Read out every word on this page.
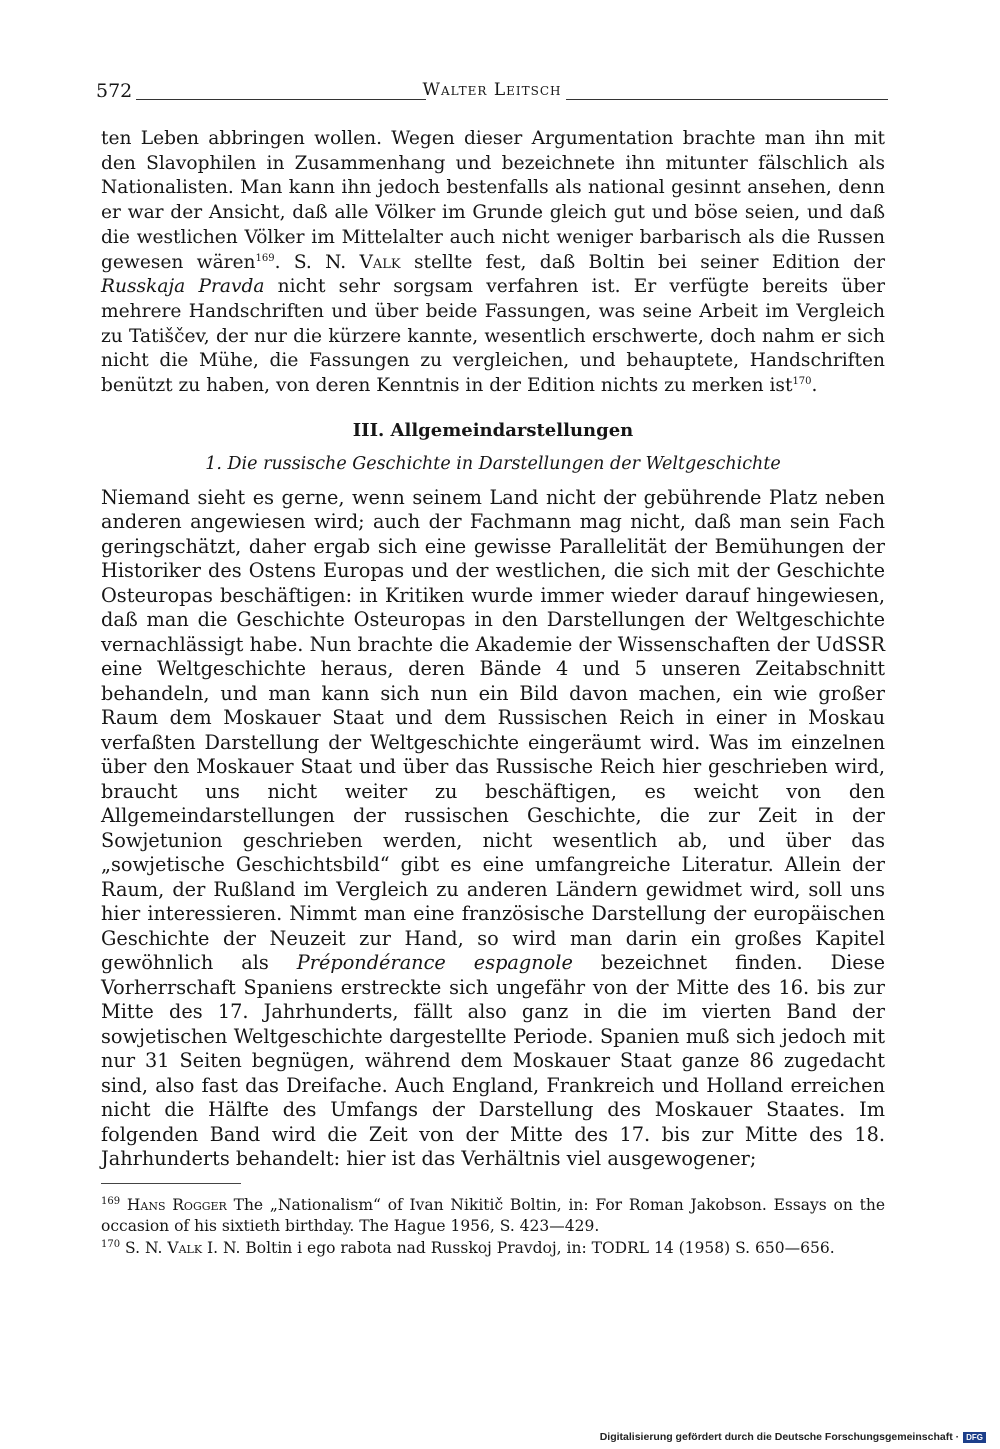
572	Walter Leitsch

ten Leben abbringen wollen. Wegen dieser Argumentation brachte man ihn mit den Slavophilen in Zusammenhang und bezeichnete ihn mitunter fälschlich als Nationalisten. Man kann ihn jedoch bestenfalls als national gesinnt ansehen, denn er war der Ansicht, daß alle Völker im Grunde gleich gut und böse seien, und daß die westlichen Völker im Mittelalter auch nicht weniger barbarisch als die Russen gewesen wären$^{169}$. S. N. Valk stellte fest, daß Boltin bei seiner Edition der Russkaja Pravda nicht sehr sorgsam verfahren ist. Er verfügte bereits über mehrere Handschriften und über beide Fassungen, was seine Arbeit im Vergleich zu Tatiščev, der nur die kürzere kannte, wesentlich erschwerte, doch nahm er sich nicht die Mühe, die Fassungen zu vergleichen, und behauptete, Handschriften benützt zu haben, von deren Kenntnis in der Edition nichts zu merken ist$^{170}$.

III. Allgemeindarstellungen
1. Die russische Geschichte in Darstellungen der Weltgeschichte

Niemand sieht es gerne, wenn seinem Land nicht der gebührende Platz neben anderen angewiesen wird; auch der Fachmann mag nicht, daß man sein Fach geringschätzt, daher ergab sich eine gewisse Parallelität der Bemühungen der Historiker des Ostens Europas und der westlichen, die sich mit der Geschichte Osteuropas beschäftigen: in Kritiken wurde immer wieder darauf hingewiesen, daß man die Geschichte Osteuropas in den Darstellungen der Weltgeschichte vernachlässigt habe. Nun brachte die Akademie der Wissenschaften der UdSSR eine Weltgeschichte heraus, deren Bände 4 und 5 unseren Zeitabschnitt behandeln, und man kann sich nun ein Bild davon machen, ein wie großer Raum dem Moskauer Staat und dem Russischen Reich in einer in Moskau verfaßten Darstellung der Weltgeschichte eingeräumt wird. Was im einzelnen über den Moskauer Staat und über das Russische Reich hier geschrieben wird, braucht uns nicht weiter zu beschäftigen, es weicht von den Allgemeindarstellungen der russischen Geschichte, die zur Zeit in der Sowjetunion geschrieben werden, nicht wesentlich ab, und über das „sowjetische Geschichtsbild“ gibt es eine umfangreiche Literatur. Allein der Raum, der Rußland im Vergleich zu anderen Ländern gewidmet wird, soll uns hier interessieren. Nimmt man eine französische Darstellung der europäischen Geschichte der Neuzeit zur Hand, so wird man darin ein großes Kapitel gewöhnlich als Prépondérance espagnole bezeichnet finden. Diese Vorherrschaft Spaniens erstreckte sich ungefähr von der Mitte des 16. bis zur Mitte des 17. Jahrhunderts, fällt also ganz in die im vierten Band der sowjetischen Weltgeschichte dargestellte Periode. Spanien muß sich jedoch mit nur 31 Seiten begnügen, während dem Moskauer Staat ganze 86 zugedacht sind, also fast das Dreifache. Auch England, Frankreich und Holland erreichen nicht die Hälfte des Umfangs der Darstellung des Moskauer Staates. Im folgenden Band wird die Zeit von der Mitte des 17. bis zur Mitte des 18. Jahrhunderts behandelt: hier ist das Verhältnis viel ausgewogener;

$^{169}$ Hans Rogger The „Nationalism“ of Ivan Nikitič Boltin, in: For Roman Jakobson. Essays on the occasion of his sixtieth birthday. The Hague 1956, S. 423—429.

$^{170}$ S. N. Valk I. N. Boltin i ego rabota nad Russkoj Pravdoj, in: TODRL 14 (1958) S. 650—656.

Digitalisierung gefördert durch die Deutsche Forschungsgemeinschaft · DFG
